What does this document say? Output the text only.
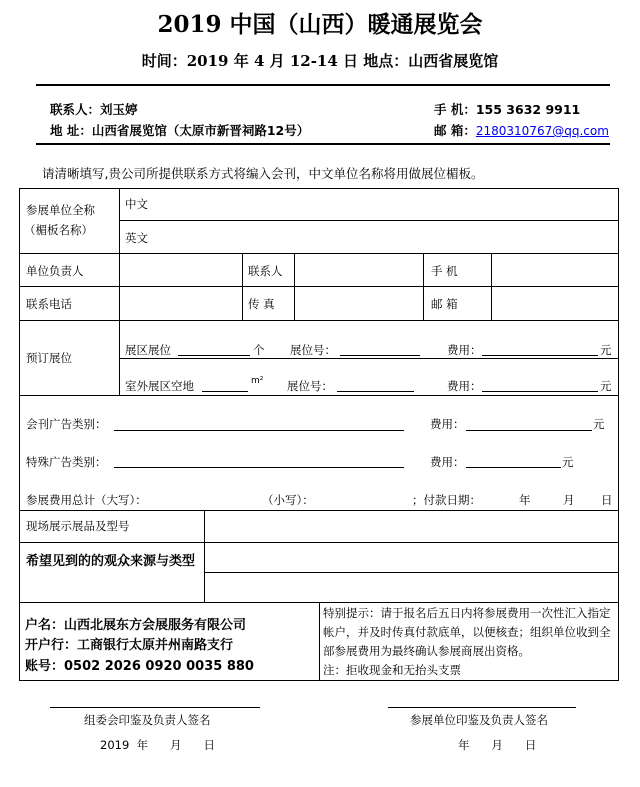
2019 中国（山西）暖通展览会
时间：2019 年 4 月 12-14 日 地点：山西省展览馆
联系人：刘玉婷
地 址：山西省展览馆（太原市新晋祠路12号）
手 机：155 3632 9911
邮 箱：2180310767@qq.com
请清晰填写,贵公司所提供联系方式将编入会刊，中文单位名称将用做展位楣板。
参展单位全称
（楣板名称）
中文
英文
单位负责人	联系人	手 机
联系电话	传 真	邮 箱
预订展位
展区展位	个 展位号：	费用：	元
室外展区空地	m² 展位号：	费用：	元
会刊广告类别：	费用：	元
特殊广告类别：	费用：	元
参展费用总计（大写）：	（小写）：	；付款日期：	年	月 日
现场展示展品及型号
希望见到的的观众来源与类型
户名：山西北展东方会展服务有限公司
开户行：工商银行太原并州南路支行
账号：0502 2026 0920 0035 880
特别提示：请于报名后五日内将参展费用一次性汇入指定帐户，并及时传真付款底单，以便核查；组织单位收到全部参展费用为最终确认参展商展出资格。
注：拒收现金和无抬头支票
组委会印鉴及负责人签名
2019  年      月      日
参展单位印鉴及负责人签名
年      月      日
